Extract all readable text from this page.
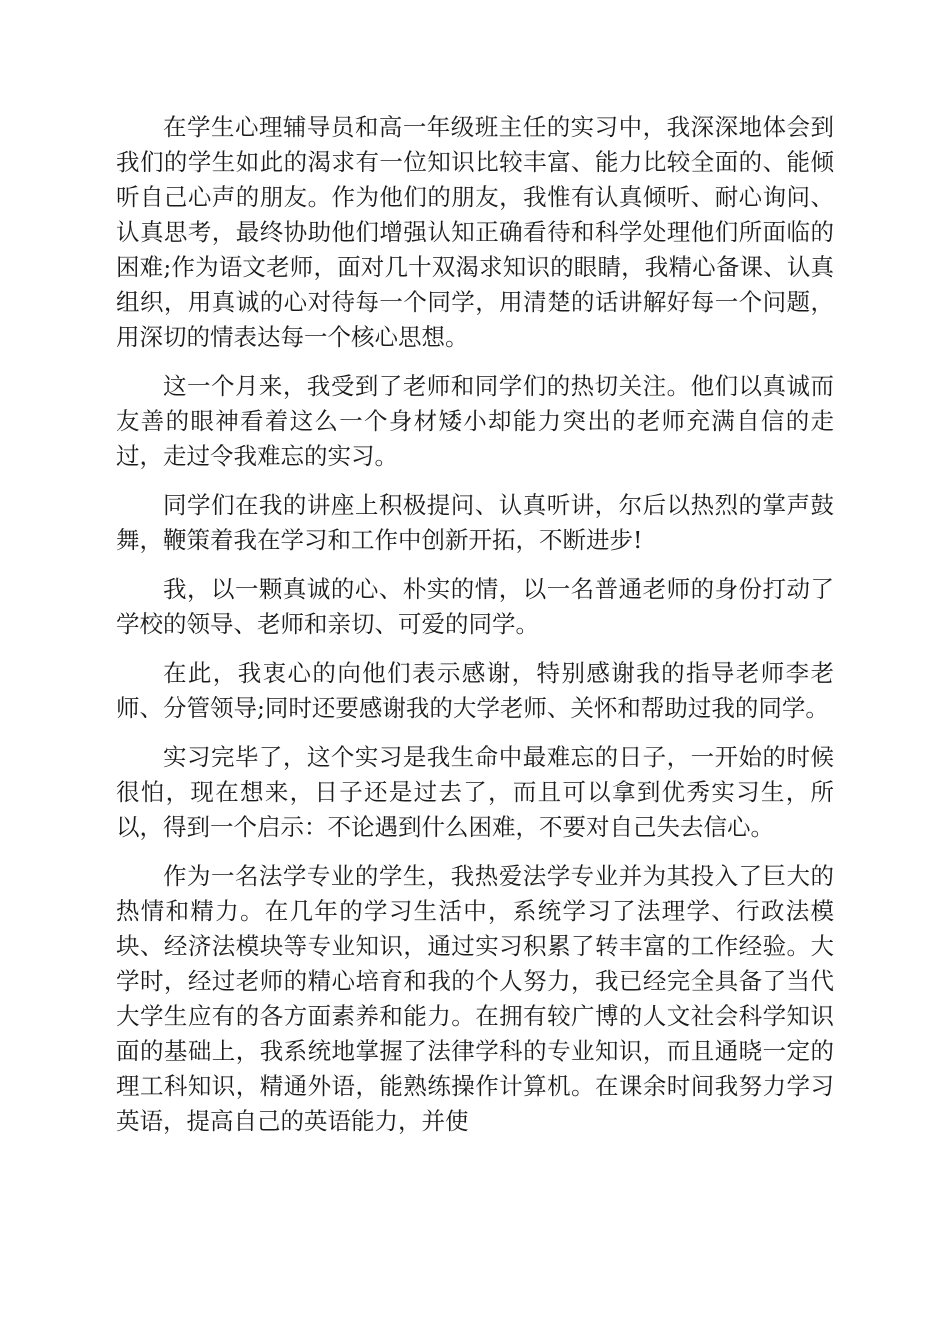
在学生心理辅导员和高一年级班主任的实习中，我深深地体会到我们的学生如此的渴求有一位知识比较丰富、能力比较全面的、能倾听自己心声的朋友。作为他们的朋友，我惟有认真倾听、耐心询问、认真思考，最终协助他们增强认知正确看待和科学处理他们所面临的困难;作为语文老师，面对几十双渴求知识的眼睛，我精心备课、认真组织，用真诚的心对待每一个同学，用清楚的话讲解好每一个问题，用深切的情表达每一个核心思想。

这一个月来，我受到了老师和同学们的热切关注。他们以真诚而友善的眼神看着这么一个身材矮小却能力突出的老师充满自信的走过，走过令我难忘的实习。

同学们在我的讲座上积极提问、认真听讲，尔后以热烈的掌声鼓舞，鞭策着我在学习和工作中创新开拓，不断进步!

我，以一颗真诚的心、朴实的情，以一名普通老师的身份打动了学校的领导、老师和亲切、可爱的同学。

在此，我衷心的向他们表示感谢，特别感谢我的指导老师李老师、分管领导;同时还要感谢我的大学老师、关怀和帮助过我的同学。

实习完毕了，这个实习是我生命中最难忘的日子，一开始的时候很怕，现在想来，日子还是过去了，而且可以拿到优秀实习生，所以，得到一个启示：不论遇到什么困难，不要对自己失去信心。

作为一名法学专业的学生，我热爱法学专业并为其投入了巨大的热情和精力。在几年的学习生活中，系统学习了法理学、行政法模块、经济法模块等专业知识，通过实习积累了转丰富的工作经验。大学时，经过老师的精心培育和我的个人努力，我已经完全具备了当代大学生应有的各方面素养和能力。在拥有较广博的人文社会科学知识面的基础上，我系统地掌握了法律学科的专业知识，而且通晓一定的理工科知识，精通外语，能熟练操作计算机。在课余时间我努力学习英语，提高自己的英语能力，并使
